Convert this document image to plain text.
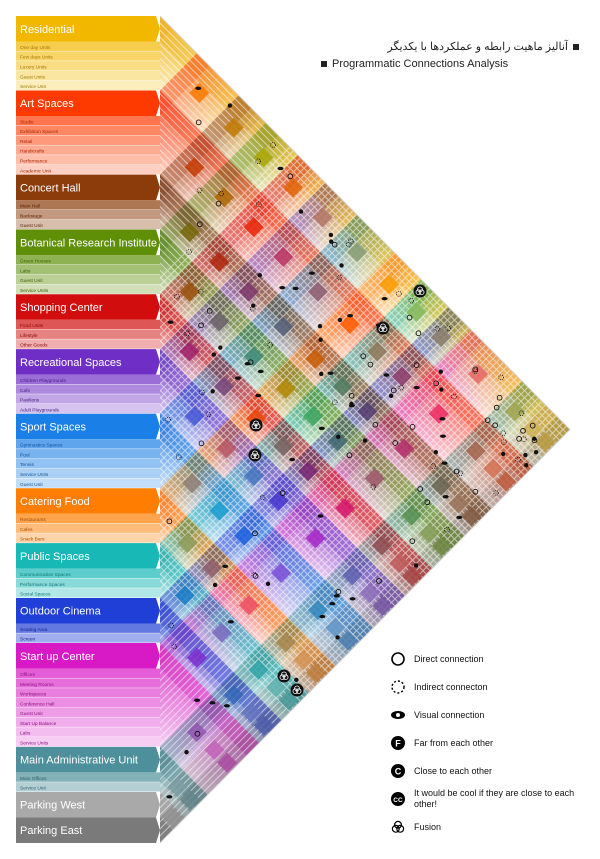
Residential
One day Units
Few days Units
Luxury Units
Guest Units
Service Unit
Art Spaces
Studio
Exhibition Spaces
Retail
Handicrafts
Performance
Academic Unit
Concert Hall
Main Hall
Backstage
Guest Unit
Botanical Research Institute
Green Houses
Labs
Guest Unit
Service Units
Shopping Center
Food Units
Lifestyle
Other Goods
Recreational Spaces
Children Playgrounds
Cafe
Pavilions
Adult Playgrounds
Sport Spaces
Gymnastics Spaces
Pool
Tennis
Service Units
Guest Unit
Catering Food
Restaurants
Cafes
Snack Bars
Public Spaces
Communication Spaces
Performance Spaces
Social Spaces
Outdoor Cinema
Seating Area
Screen
Start up Center
Offices
Meeting Rooms
Workspaces
Conference Hall
Guest Unit
Start Up Balance
Labs
Service Units
Main Administrative Unit
Main Offices
Service Unit
Parking West
Parking East
آنالیز ماهیت رابطه و عملکردها با یکدیگر
Programmatic Connections Analysis
Direct connection
Indirect connecton
Visual connection
F Far from each other
C Close to each other
CC
It would be cool if they are close to each other!
Fusion
